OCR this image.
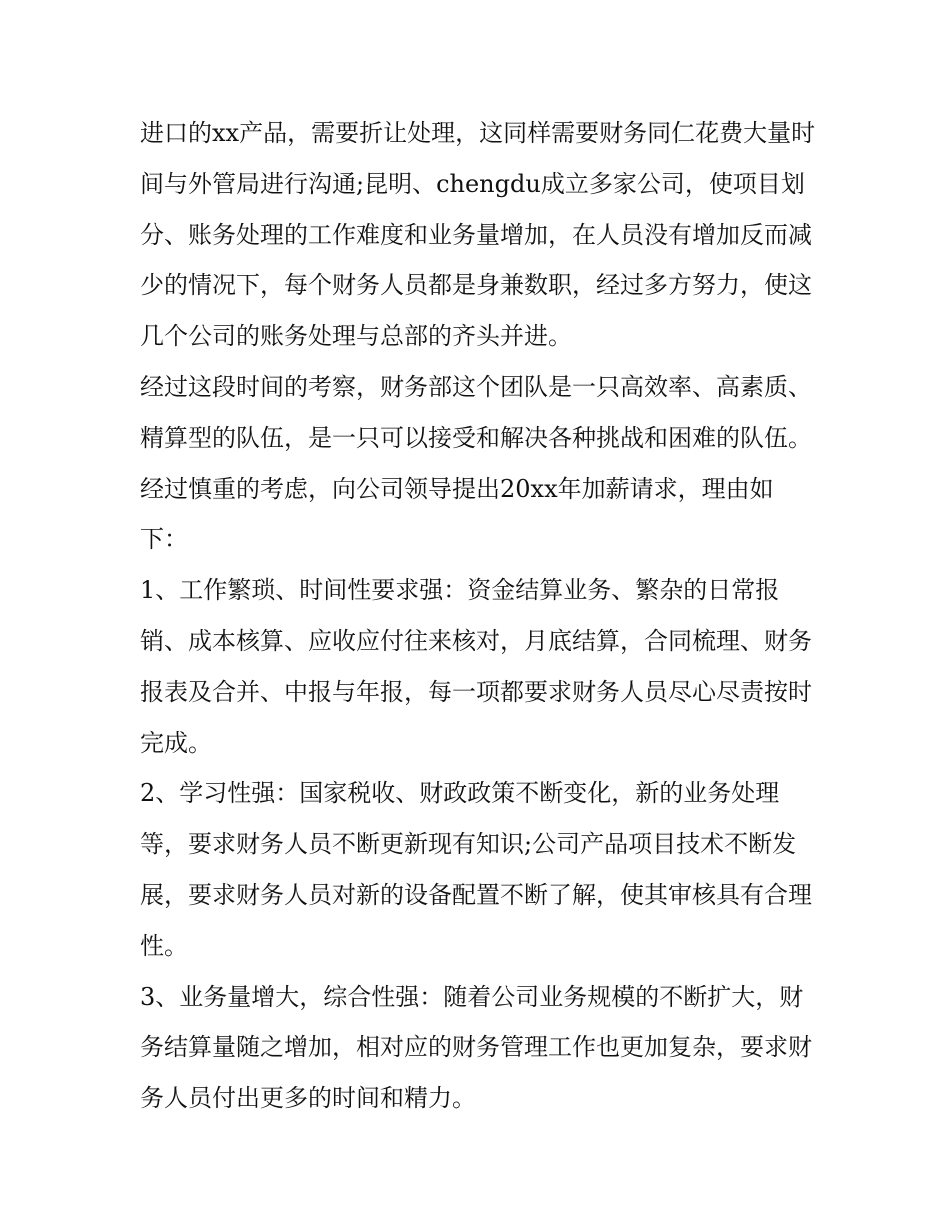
进口的xx产品，需要折让处理，这同样需要财务同仁花费大量时间与外管局进行沟通;昆明、chengdu成立多家公司，使项目划分、账务处理的工作难度和业务量增加，在人员没有增加反而减少的情况下，每个财务人员都是身兼数职，经过多方努力，使这几个公司的账务处理与总部的齐头并进。

经过这段时间的考察，财务部这个团队是一只高效率、高素质、精算型的队伍，是一只可以接受和解决各种挑战和困难的队伍。经过慎重的考虑，向公司领导提出20xx年加薪请求，理由如下：

1、工作繁琐、时间性要求强：资金结算业务、繁杂的日常报销、成本核算、应收应付往来核对，月底结算，合同梳理、财务报表及合并、中报与年报，每一项都要求财务人员尽心尽责按时完成。

2、学习性强：国家税收、财政政策不断变化，新的业务处理等，要求财务人员不断更新现有知识;公司产品项目技术不断发展，要求财务人员对新的设备配置不断了解，使其审核具有合理性。

3、业务量增大，综合性强：随着公司业务规模的不断扩大，财务结算量随之增加，相对应的财务管理工作也更加复杂，要求财务人员付出更多的时间和精力。
